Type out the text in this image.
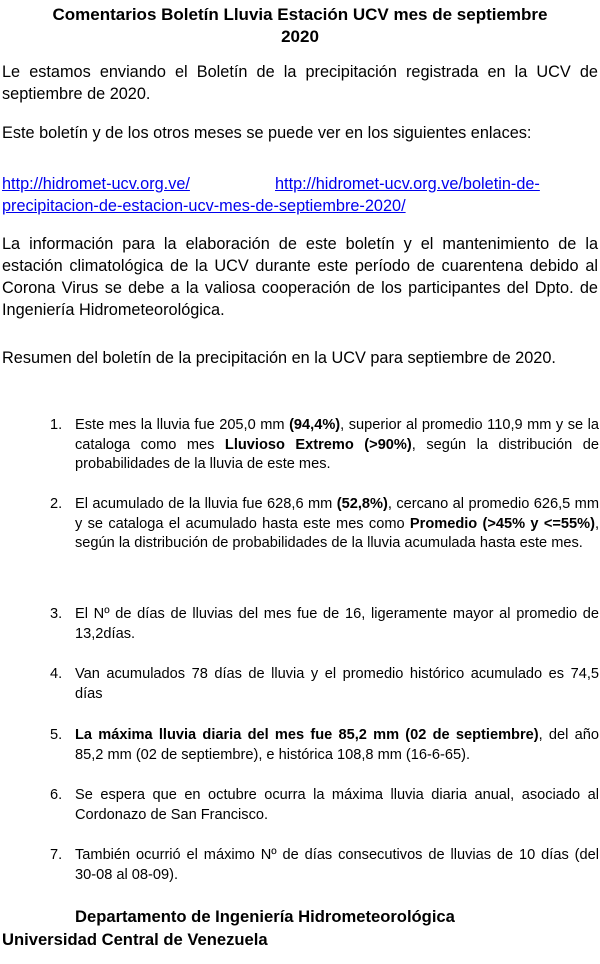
Comentarios Boletín Lluvia Estación UCV mes de septiembre
2020
Le estamos enviando el Boletín de la precipitación registrada en la UCV de septiembre de 2020.
Este boletín y de los otros meses se puede ver en los siguientes enlaces:
http://hidromet-ucv.org.ve/	http://hidromet-ucv.org.ve/boletin-de-
precipitacion-de-estacion-ucv-mes-de-septiembre-2020/
La información para la elaboración de este boletín y el mantenimiento de la estación climatológica de la UCV durante este período de cuarentena debido al Corona Virus se debe a la valiosa cooperación de los participantes del Dpto. de Ingeniería Hidrometeorológica.
Resumen del boletín de la precipitación en la UCV para septiembre de 2020.
1. Este mes la lluvia fue 205,0 mm (94,4%), superior al promedio 110,9 mm y se la cataloga como mes Lluvioso Extremo (>90%), según la distribución de probabilidades de la lluvia de este mes.
2. El acumulado de la lluvia fue 628,6 mm (52,8%), cercano al promedio 626,5 mm y se cataloga el acumulado hasta este mes como Promedio (>45% y <=55%), según la distribución de probabilidades de la lluvia acumulada hasta este mes.
3. El Nº de días de lluvias del mes fue de 16, ligeramente mayor al promedio de 13,2días.
4. Van acumulados 78 días de lluvia y el promedio histórico acumulado es 74,5 días
5. La máxima lluvia diaria del mes fue 85,2 mm (02 de septiembre), del año 85,2 mm (02 de septiembre), e histórica 108,8 mm (16-6-65).
6. Se espera que en octubre ocurra la máxima lluvia diaria anual, asociado al Cordonazo de San Francisco.
7. También ocurrió el máximo Nº de días consecutivos de lluvias de 10 días (del 30-08 al 08-09).
Departamento de Ingeniería Hidrometeorológica
Universidad Central de Venezuela
